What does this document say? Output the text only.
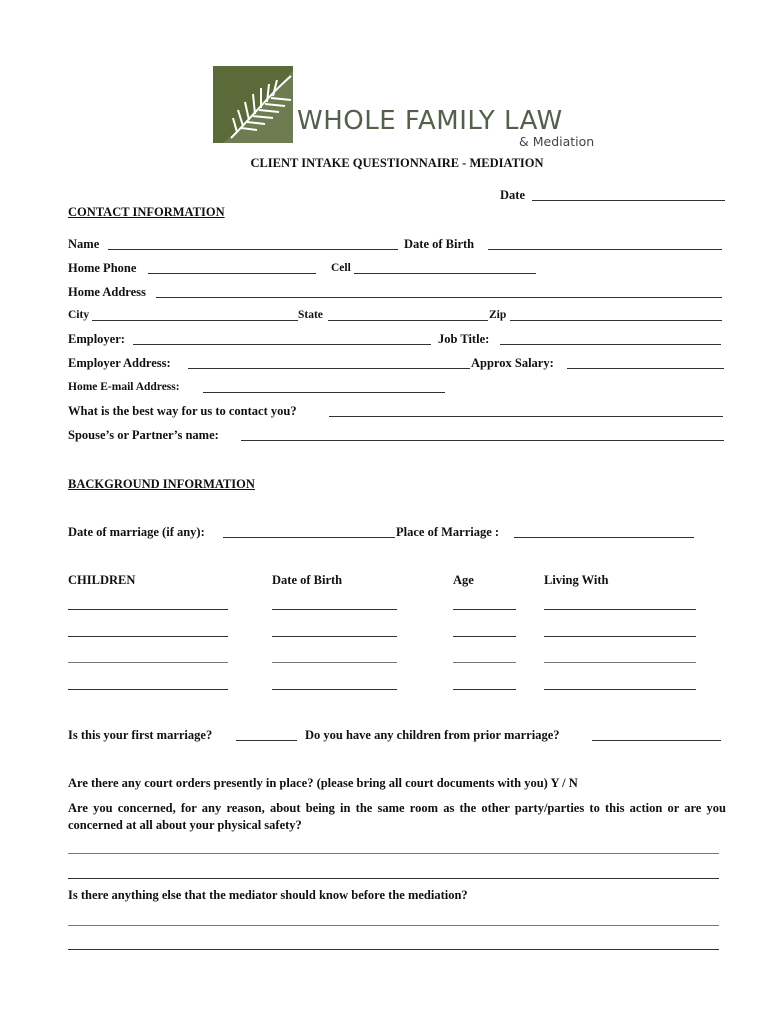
WHOLE FAMILY LAW
& Mediation
CLIENT INTAKE QUESTIONNAIRE - MEDIATION
Date
CONTACT INFORMATION
Name	Date of Birth
Home Phone	Cell
Home Address
City	State	Zip
Employer:	Job Title:
Employer Address:	Approx Salary:
Home E-mail Address:
What is the best way for us to contact you?
Spouse’s or Partner’s name:
BACKGROUND INFORMATION
Date of marriage (if any):	Place of Marriage :
CHILDREN	Date of Birth	Age	Living With
Is this your first marriage?	Do you have any children from prior marriage?
Are there any court orders presently in place? (please bring all court documents with you) Y / N
Are you concerned, for any reason, about being in the same room as the other party/parties to this action or are you concerned at all about your physical safety?
Is there anything else that the mediator should know before the mediation?
